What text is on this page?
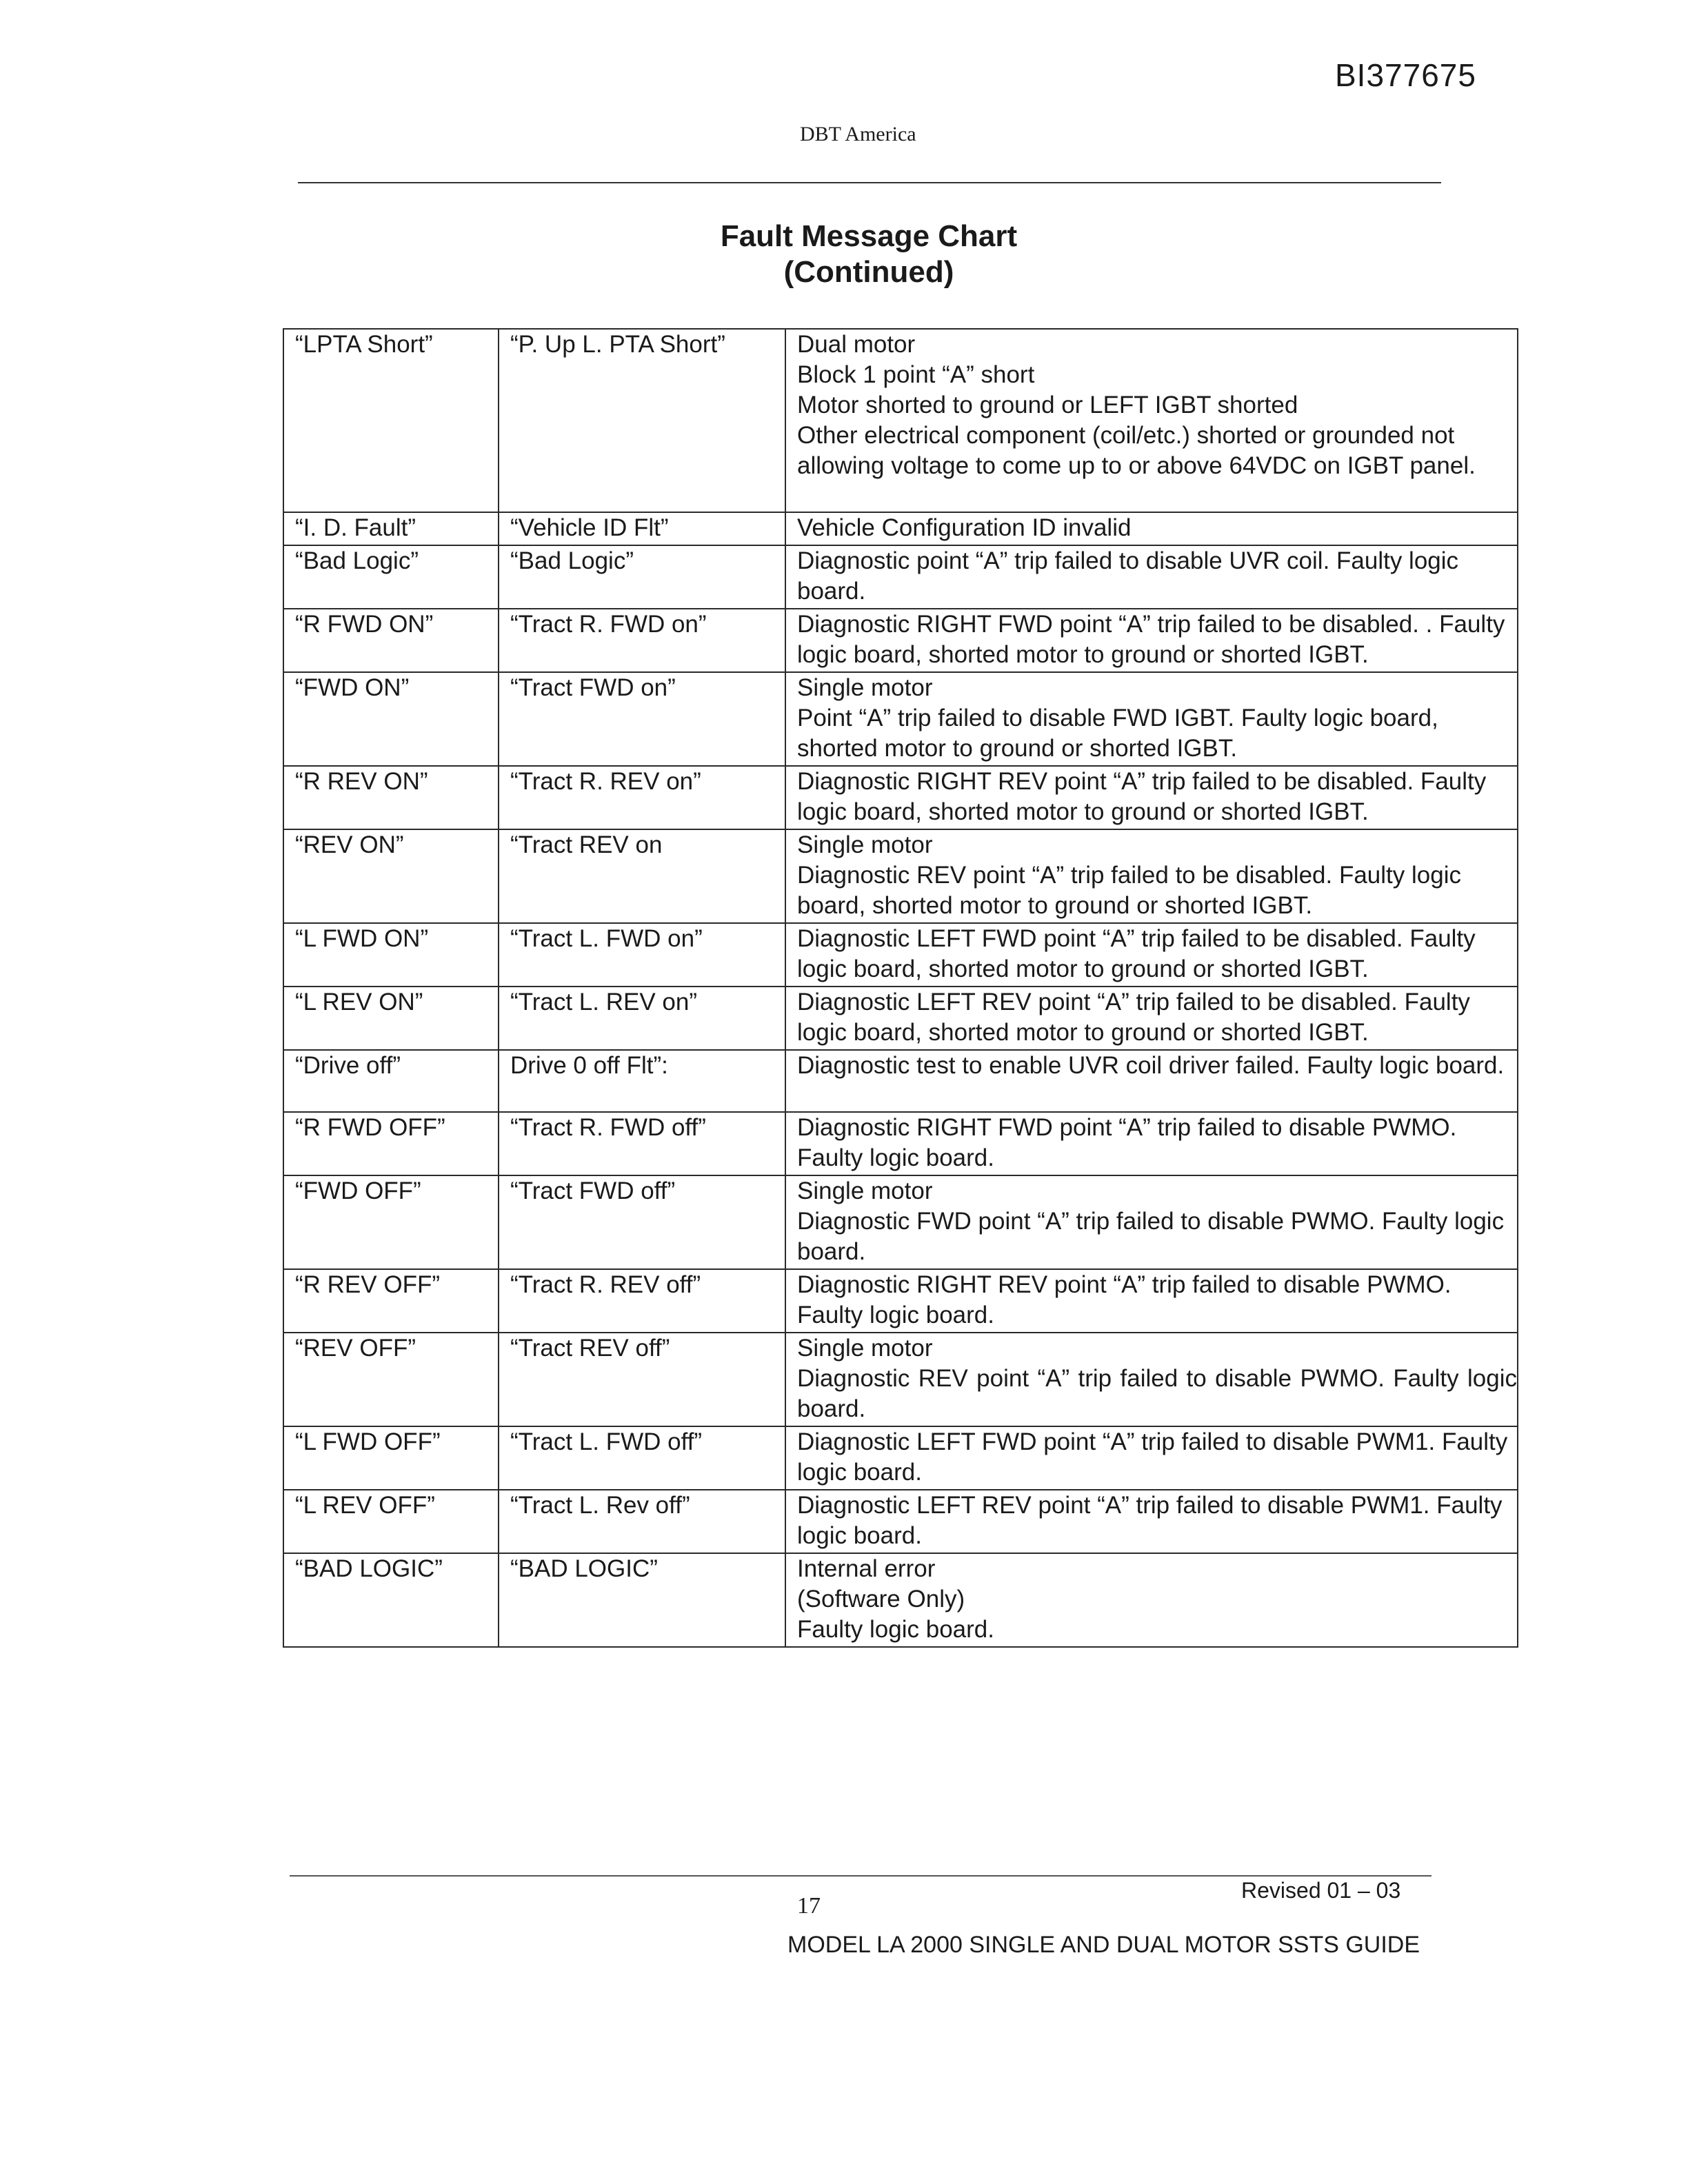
BI377675
DBT America
Fault Message Chart
(Continued)
“LPTA Short”	“P. Up L. PTA Short”	Dual motor
Block 1 point “A” short
Motor shorted to ground or LEFT IGBT shorted
Other electrical component (coil/etc.) shorted or grounded not allowing voltage to come up to or above 64VDC on IGBT panel.
“I. D. Fault”	“Vehicle ID Flt”	Vehicle Configuration ID invalid
“Bad Logic”	“Bad Logic”	Diagnostic point “A” trip failed to disable UVR coil. Faulty logic board.
“R FWD ON”	“Tract R. FWD on”	Diagnostic RIGHT FWD point “A” trip failed to be disabled. . Faulty logic board, shorted motor to ground or shorted IGBT.
“FWD ON”	“Tract FWD on”	Single motor
Point “A” trip failed to disable FWD IGBT. Faulty logic board, shorted motor to ground or shorted IGBT.
“R REV ON”	“Tract R. REV on”	Diagnostic RIGHT REV point “A” trip failed to be disabled. Faulty logic board, shorted motor to ground or shorted IGBT.
“REV ON”	“Tract REV on	Single motor
Diagnostic REV point “A” trip failed to be disabled. Faulty logic board, shorted motor to ground or shorted IGBT.
“L FWD ON”	“Tract L. FWD on”	Diagnostic LEFT FWD point “A” trip failed to be disabled. Faulty logic board, shorted motor to ground or shorted IGBT.
“L REV ON”	“Tract L. REV on”	Diagnostic LEFT REV point “A” trip failed to be disabled. Faulty logic board, shorted motor to ground or shorted IGBT.
“Drive off”	Drive 0 off Flt”:	Diagnostic test to enable UVR coil driver failed. Faulty logic board.
“R FWD OFF”	“Tract R. FWD off”	Diagnostic RIGHT FWD point “A” trip failed to disable PWMO. Faulty logic board.
“FWD OFF”	“Tract FWD off”	Single motor
Diagnostic FWD point “A” trip failed to disable PWMO. Faulty logic board.
“R REV OFF”	“Tract R. REV off”	Diagnostic RIGHT REV point “A” trip failed to disable PWMO. Faulty logic board.
“REV OFF”	“Tract REV off”	Single motor
Diagnostic REV point “A” trip failed to disable PWMO. Faulty logic board.
“L FWD OFF”	“Tract L. FWD off”	Diagnostic LEFT FWD point “A” trip failed to disable PWM1. Faulty logic board.
“L REV OFF”	“Tract L. Rev off”	Diagnostic LEFT REV point “A” trip failed to disable PWM1. Faulty logic board.
“BAD LOGIC”	“BAD LOGIC”	Internal error
(Software Only)
Faulty logic board.
Revised 01 – 03
17
MODEL LA 2000 SINGLE AND DUAL MOTOR SSTS GUIDE
